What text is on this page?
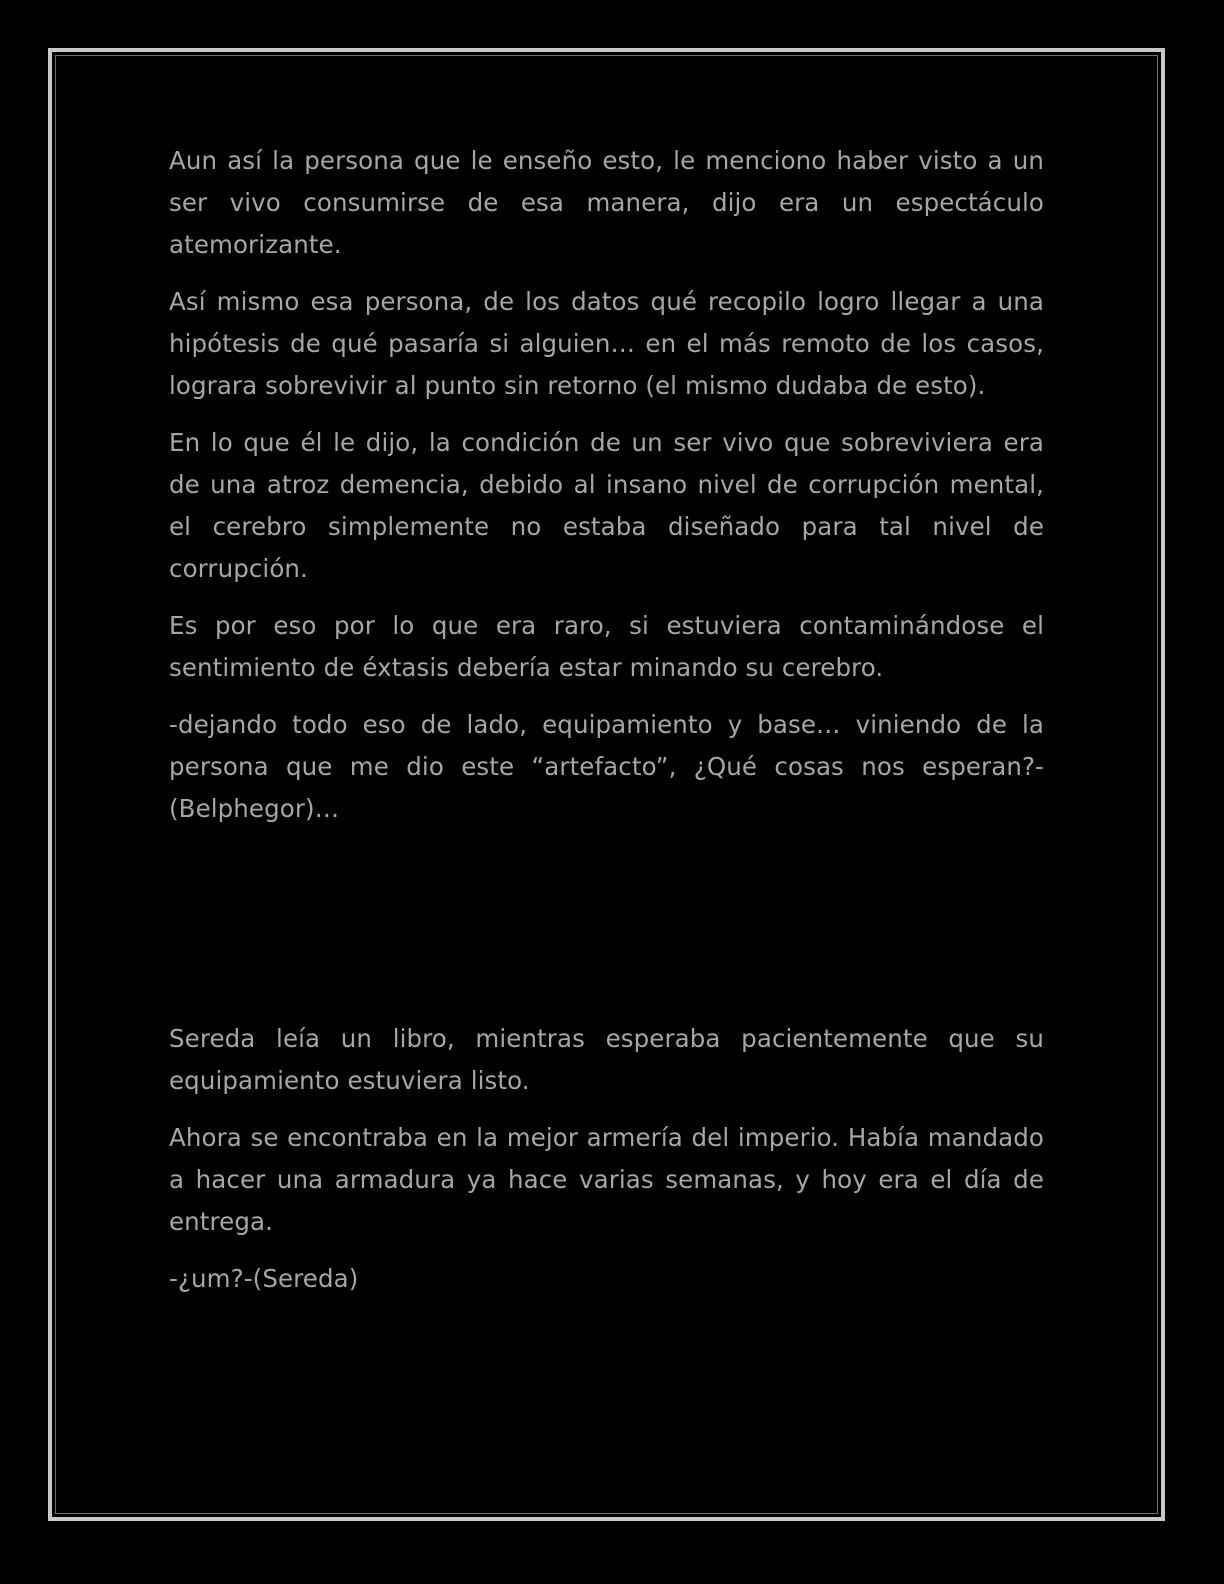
Aun así la persona que le enseño esto, le menciono haber visto a un ser vivo consumirse de esa manera, dijo era un espectáculo atemorizante.

Así mismo esa persona, de los datos qué recopilo logro llegar a una hipótesis de qué pasaría si alguien… en el más remoto de los casos, lograra sobrevivir al punto sin retorno (el mismo dudaba de esto).

En lo que él le dijo, la condición de un ser vivo que sobreviviera era de una atroz demencia, debido al insano nivel de corrupción mental, el cerebro simplemente no estaba diseñado para tal nivel de corrupción.

Es por eso por lo que era raro, si estuviera contaminándose el sentimiento de éxtasis debería estar minando su cerebro.

-dejando todo eso de lado, equipamiento y base… viniendo de la persona que me dio este “artefacto”, ¿Qué cosas nos esperan?-(Belphegor)…

Sereda leía un libro, mientras esperaba pacientemente que su equipamiento estuviera listo.

Ahora se encontraba en la mejor armería del imperio. Había mandado a hacer una armadura ya hace varias semanas, y hoy era el día de entrega.

-¿um?-(Sereda)
